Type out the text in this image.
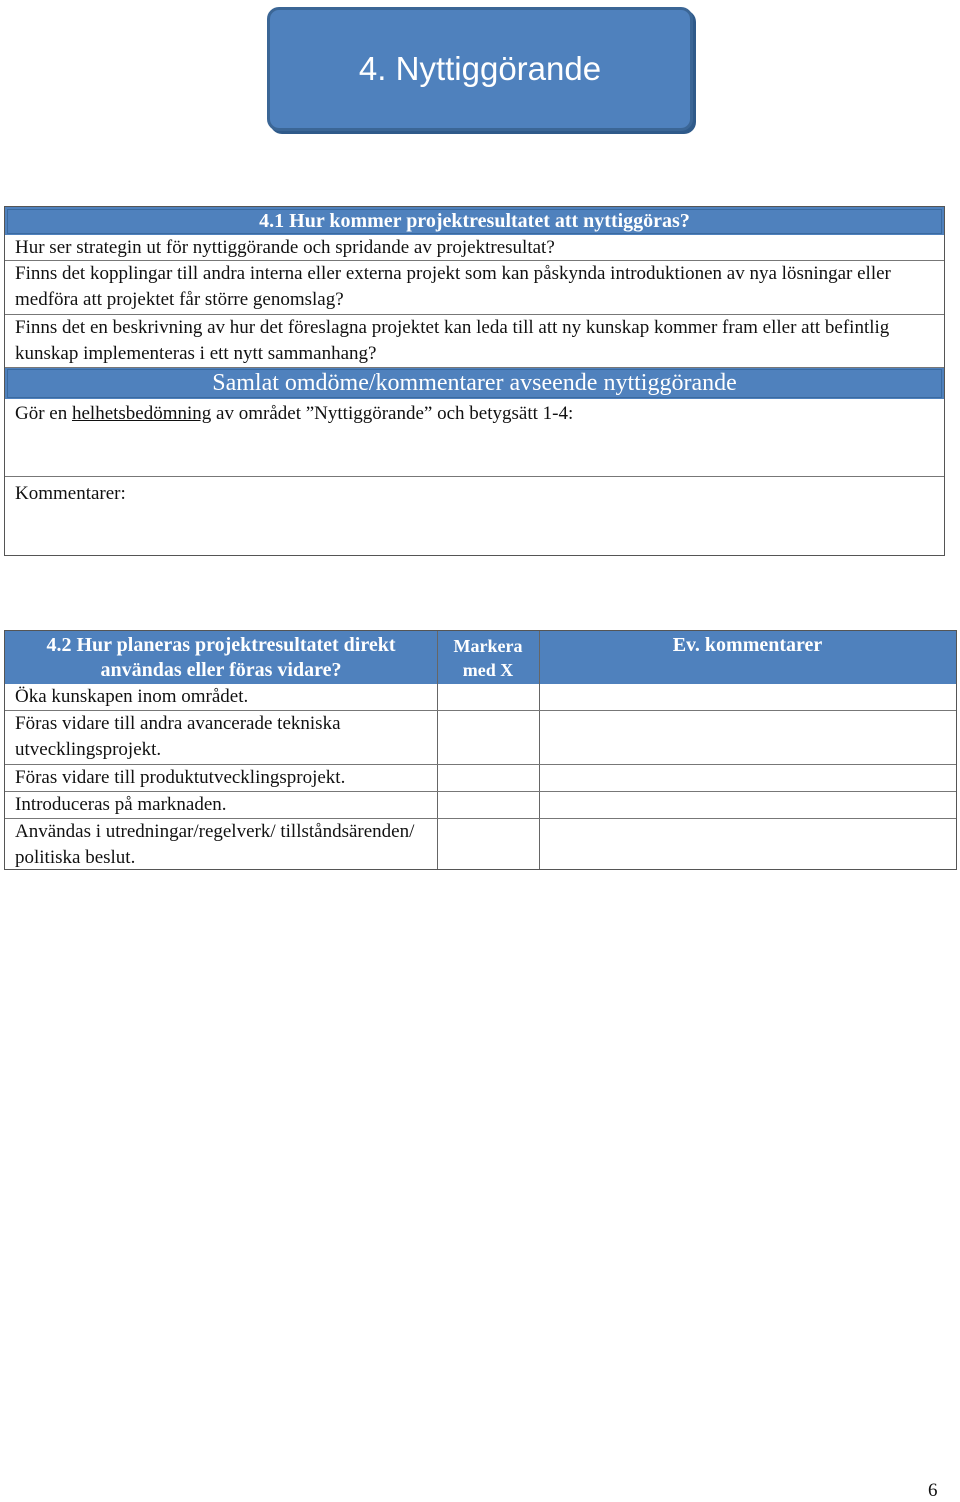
4. Nyttiggörande
4.1 Hur kommer projektresultatet att nyttiggöras?
Hur ser strategin ut för nyttiggörande och spridande av projektresultat?
Finns det kopplingar till andra interna eller externa projekt som kan påskynda introduktionen av nya lösningar eller medföra att projektet får större genomslag?
Finns det en beskrivning av hur det föreslagna projektet kan leda till att ny kunskap kommer fram eller att befintlig kunskap implementeras i ett nytt sammanhang?
Samlat omdöme/kommentarer avseende nyttiggörande
Gör en helhetsbedömning av området ”Nyttiggörande” och betygsätt 1-4:
Kommentarer:
4.2 Hur planeras projektresultatet direkt användas eller föras vidare?
Markera med X
Ev. kommentarer
Öka kunskapen inom området.
Föras vidare till andra avancerade tekniska utvecklingsprojekt.
Föras vidare till produktutvecklingsprojekt.
Introduceras på marknaden.
Användas i utredningar/regelverk/ tillståndsärenden/ politiska beslut.
6
